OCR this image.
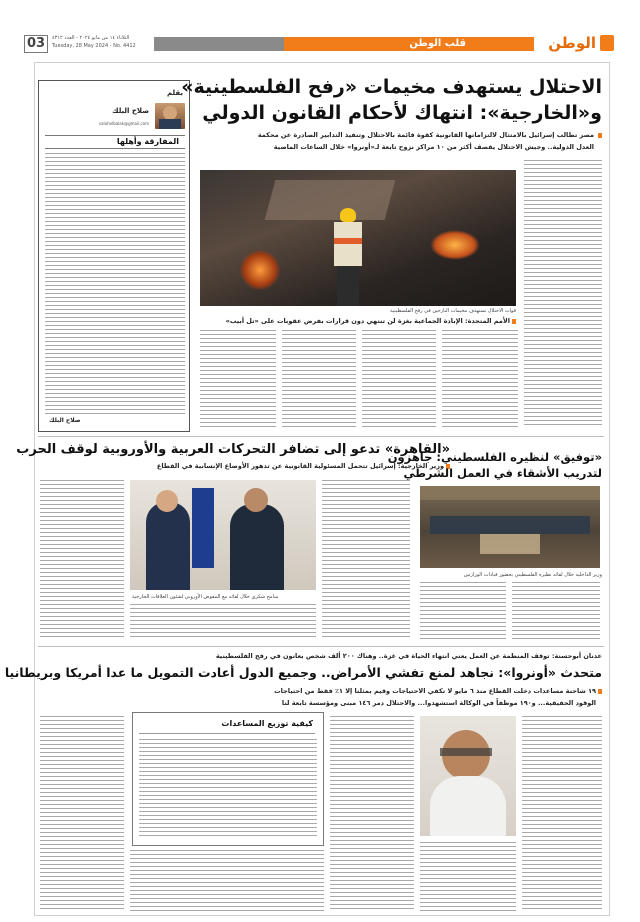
الوطن
قلب الوطن
03	الثلاثاء ١٤ من مايو ٢٠٢٤ - العدد ٤٣١٢
Tuesday, 28 May 2024 - No. 4412
بقلم
صلاح البلك
salahelbalak@gmail.com
المفارقة وأهلها
صلاح البلك
الاحتلال يستهدف مخيمات «رفح الفلسطينية»
و«الخارجية»: انتهاك لأحكام القانون الدولي
مصر تطالب إسرائيل بالامتثال لالتزاماتها القانونية كقوة قائمة بالاحتلال وتنفيذ التدابير الصادرة عن محكمة
العدل الدولية.. وجيش الاحتلال يقصف أكثر من ١٠ مراكز نزوح تابعة لـ«أونروا» خلال الساعات الماضية
قوات الاحتلال تستهدف مخيمات النازحين في رفح الفلسطينية
الأمم المتحدة: الإبادة الجماعية بغزة لن تنتهي دون قرارات بفرض عقوبات على «تل أبيب»
«القاهرة» تدعو إلى تضافر التحركات العربية والأوروبية لوقف الحرب
وزير الخارجية: إسرائيل تتحمل المسئولية القانونية عن تدهور الأوضاع الإنسانية في القطاع
سامح شكري خلال لقائه مع المفوض الأوروبي لشئون العلاقات الخارجية
«توفيق» لنظيره الفلسطيني: جاهزون
لتدريب الأشقاء في العمل الشرطي
وزير الداخلية خلال لقائه نظيره الفلسطيني بحضور قيادات الوزارتين
عدنان أبوحسنة: توقف المنظمة عن العمل يعني انتهاء الحياة في غزة.. وهناك ٢٠٠ ألف شخص يعانون في رفح الفلسطينية
متحدث «أونروا»: نجاهد لمنع تفشي الأمراض.. وجميع الدول أعادت التمويل ما عدا أمريكا وبريطانيا
١٩ شاحنة مساعدات دخلت القطاع منذ ٦ مايو لا تكفي الاحتياجات وقيم بمثلنا إلا ١٪ فقط من احتياجات
الوقود الحقيقية... و١٩٠ موظفاً في الوكالة استشهدوا... والاحتلال دمر ١٤٦ مبنى ومؤسسة تابعة لنا
كيفية توزيع المساعدات
